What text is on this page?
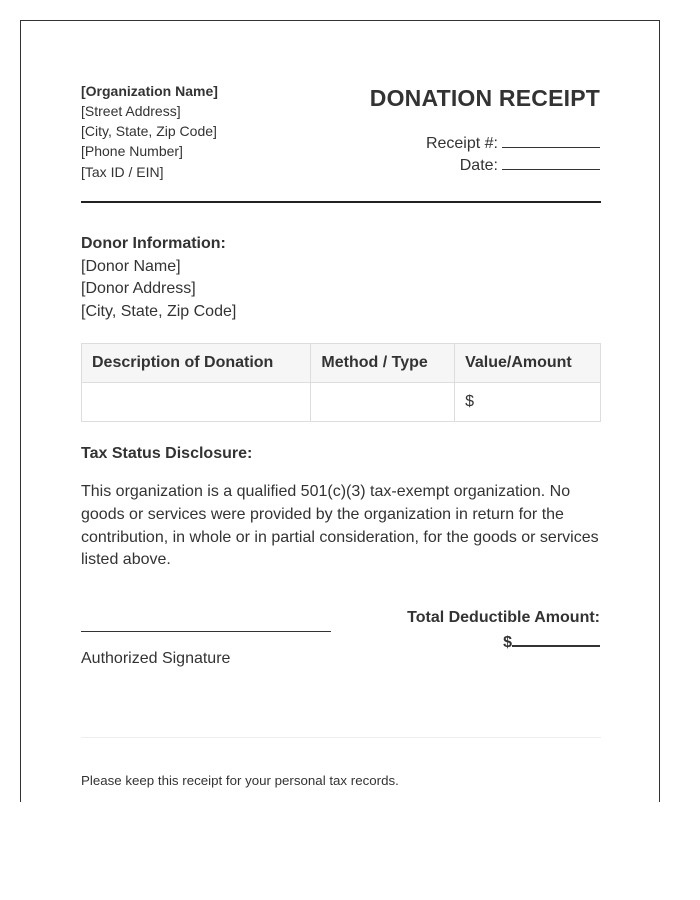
[Organization Name]
[Street Address]
[City, State, Zip Code]
[Phone Number]
[Tax ID / EIN]
DONATION RECEIPT
Receipt #:
Date:
Donor Information:
[Donor Name]
[Donor Address]
[City, State, Zip Code]
Description of Donation	Method / Type	Value/Amount
		$
Tax Status Disclosure:
This organization is a qualified 501(c)(3) tax-exempt organization. No goods or services were provided by the organization in return for the contribution, in whole or in partial consideration, for the goods or services listed above.
Authorized Signature
Total Deductible Amount:
$
Please keep this receipt for your personal tax records.
